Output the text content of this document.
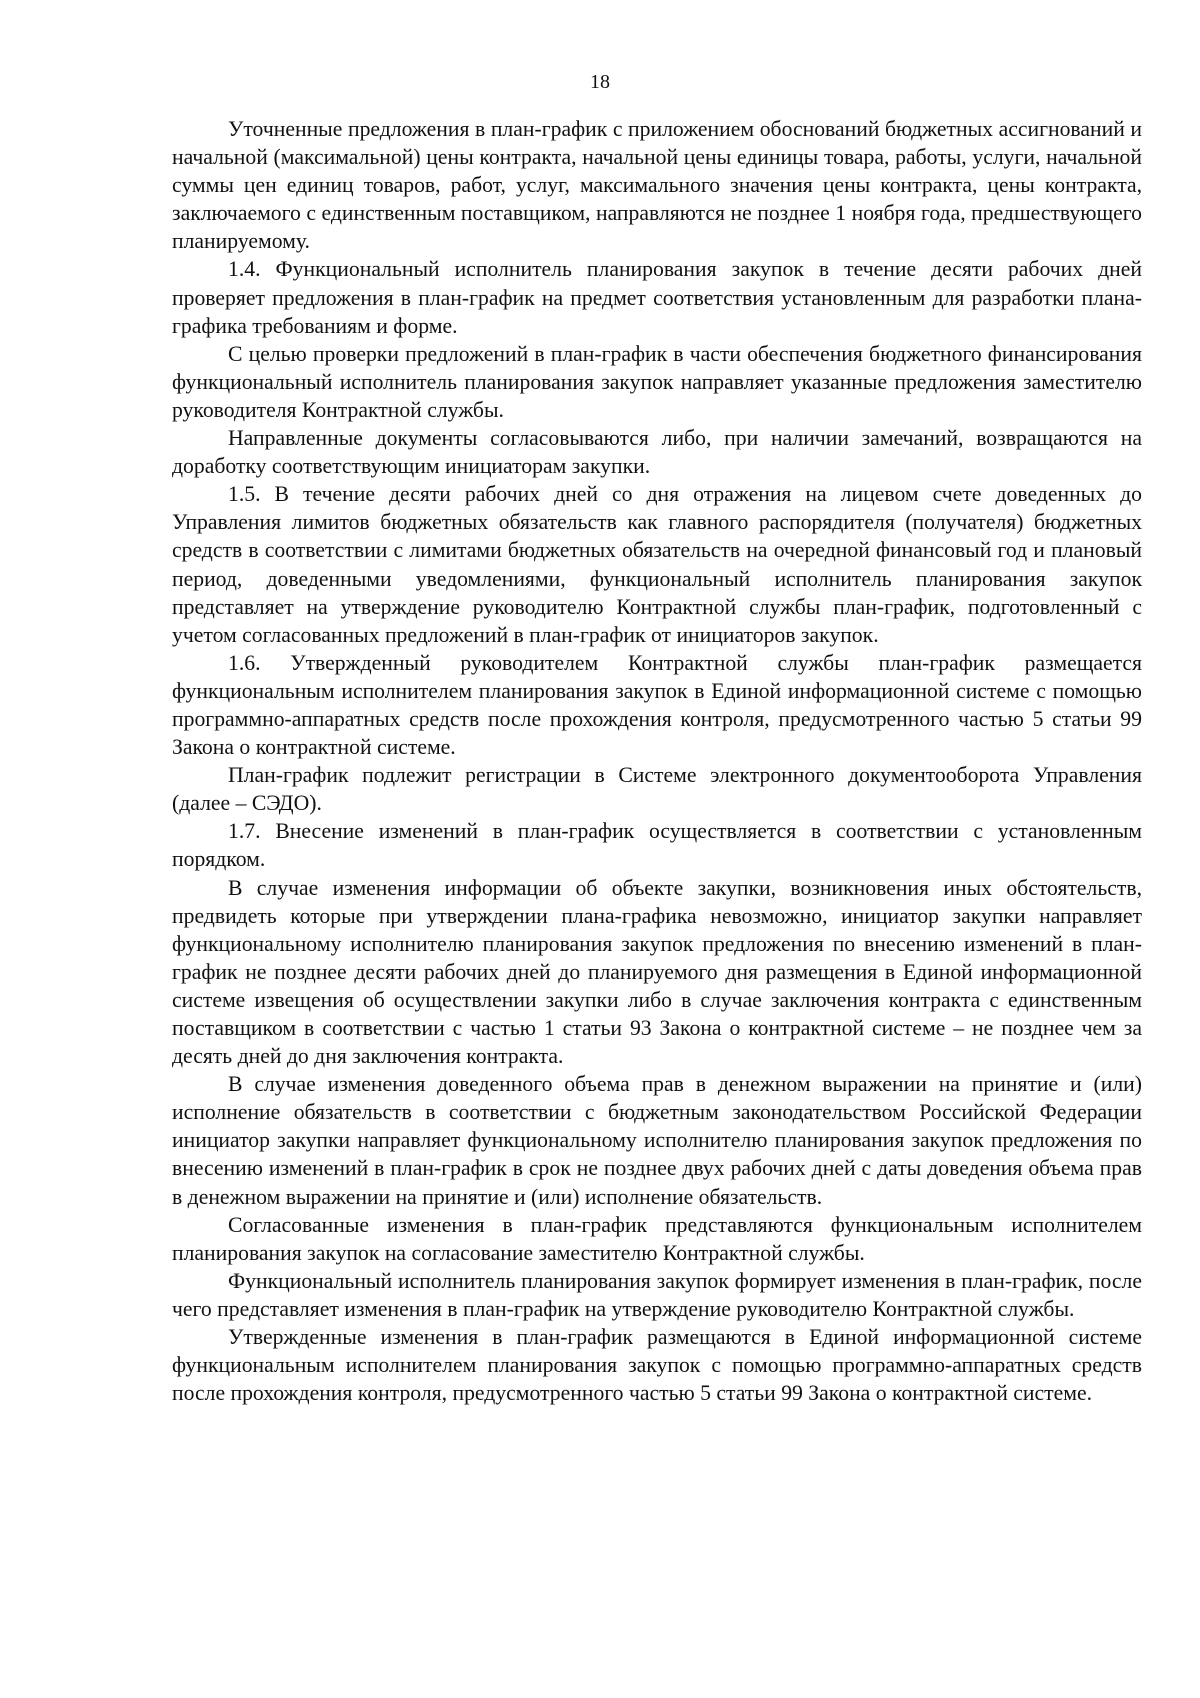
18

Уточненные предложения в план-график с приложением обоснований бюджетных ассигнований и начальной (максимальной) цены контракта, начальной цены единицы товара, работы, услуги, начальной суммы цен единиц товаров, работ, услуг, максимального значения цены контракта, цены контракта, заключаемого с единственным поставщиком, направляются не позднее 1 ноября года, предшествующего планируемому.

1.4. Функциональный исполнитель планирования закупок в течение десяти рабочих дней проверяет предложения в план-график на предмет соответствия установленным для разработки плана-графика требованиям и форме.

С целью проверки предложений в план-график в части обеспечения бюджетного финансирования функциональный исполнитель планирования закупок направляет указанные предложения заместителю руководителя Контрактной службы.

Направленные документы согласовываются либо, при наличии замечаний, возвращаются на доработку соответствующим инициаторам закупки.

1.5. В течение десяти рабочих дней со дня отражения на лицевом счете доведенных до Управления лимитов бюджетных обязательств как главного распорядителя (получателя) бюджетных средств в соответствии с лимитами бюджетных обязательств на очередной финансовый год и плановый период, доведенными уведомлениями, функциональный исполнитель планирования закупок представляет на утверждение руководителю Контрактной службы план-график, подготовленный с учетом согласованных предложений в план-график от инициаторов закупок.

1.6. Утвержденный руководителем Контрактной службы план-график размещается функциональным исполнителем планирования закупок в Единой информационной системе с помощью программно-аппаратных средств после прохождения контроля, предусмотренного частью 5 статьи 99 Закона о контрактной системе.

План-график подлежит регистрации в Системе электронного документооборота Управления (далее – СЭДО).

1.7. Внесение изменений в план-график осуществляется в соответствии с установленным порядком.

В случае изменения информации об объекте закупки, возникновения иных обстоятельств, предвидеть которые при утверждении плана-графика невозможно, инициатор закупки направляет функциональному исполнителю планирования закупок предложения по внесению изменений в план-график не позднее десяти рабочих дней до планируемого дня размещения в Единой информационной системе извещения об осуществлении закупки либо в случае заключения контракта с единственным поставщиком в соответствии с частью 1 статьи 93 Закона о контрактной системе – не позднее чем за десять дней до дня заключения контракта.

В случае изменения доведенного объема прав в денежном выражении на принятие и (или) исполнение обязательств в соответствии с бюджетным законодательством Российской Федерации инициатор закупки направляет функциональному исполнителю планирования закупок предложения по внесению изменений в план-график в срок не позднее двух рабочих дней с даты доведения объема прав в денежном выражении на принятие и (или) исполнение обязательств.

Согласованные изменения в план-график представляются функциональным исполнителем планирования закупок на согласование заместителю Контрактной службы.

Функциональный исполнитель планирования закупок формирует изменения в план-график, после чего представляет изменения в план-график на утверждение руководителю Контрактной службы.

Утвержденные изменения в план-график размещаются в Единой информационной системе функциональным исполнителем планирования закупок с помощью программно-аппаратных средств после прохождения контроля, предусмотренного частью 5 статьи 99 Закона о контрактной системе.
